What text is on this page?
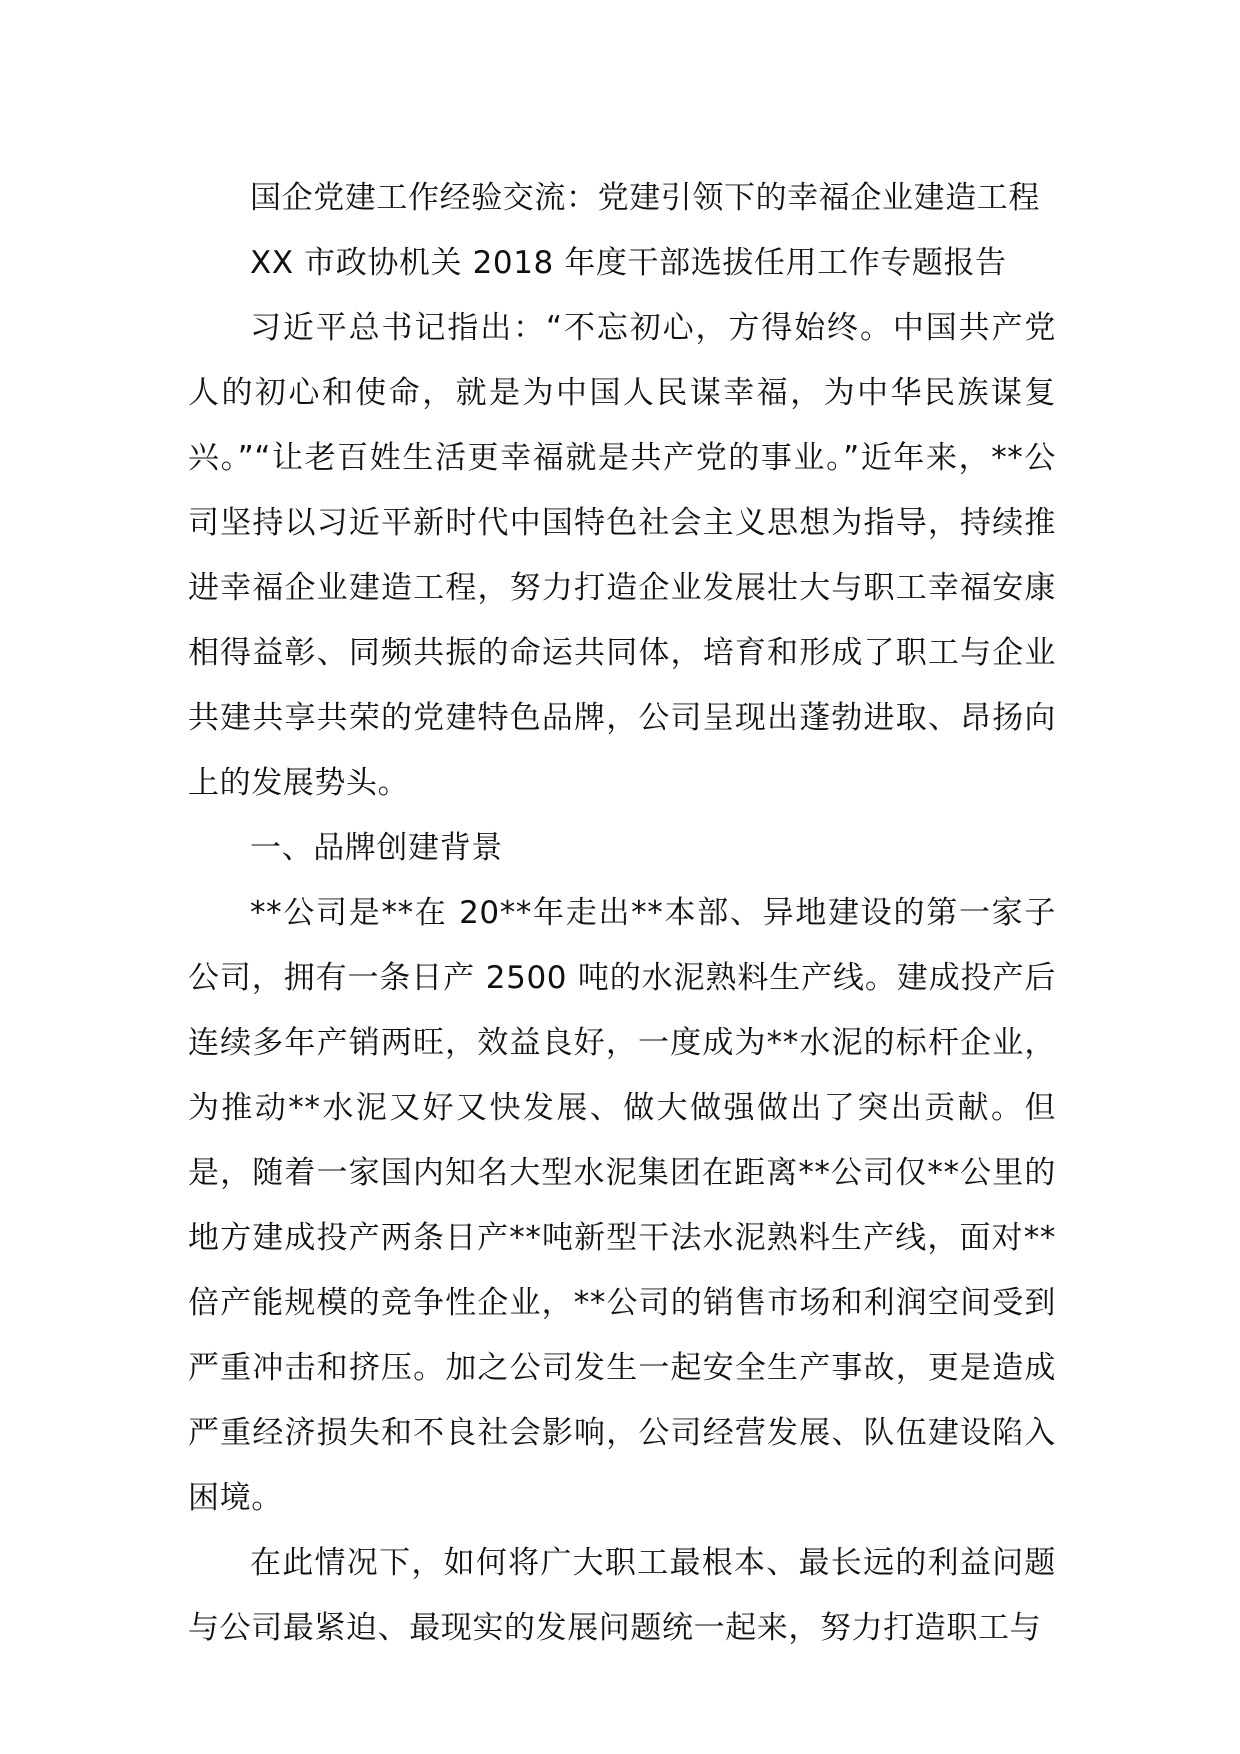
国企党建工作经验交流：党建引领下的幸福企业建造工程

XX 市政协机关 2018 年度干部选拔任用工作专题报告

习近平总书记指出：“不忘初心，方得始终。中国共产党人的初心和使命，就是为中国人民谋幸福，为中华民族谋复兴。”“让老百姓生活更幸福就是共产党的事业。”近年来，**公司坚持以习近平新时代中国特色社会主义思想为指导，持续推进幸福企业建造工程，努力打造企业发展壮大与职工幸福安康相得益彰、同频共振的命运共同体，培育和形成了职工与企业共建共享共荣的党建特色品牌，公司呈现出蓬勃进取、昂扬向上的发展势头。

一、品牌创建背景

**公司是**在 20**年走出**本部、异地建设的第一家子公司，拥有一条日产 2500 吨的水泥熟料生产线。建成投产后连续多年产销两旺，效益良好，一度成为**水泥的标杆企业，为推动**水泥又好又快发展、做大做强做出了突出贡献。但是，随着一家国内知名大型水泥集团在距离**公司仅**公里的地方建成投产两条日产**吨新型干法水泥熟料生产线，面对**倍产能规模的竞争性企业，**公司的销售市场和利润空间受到严重冲击和挤压。加之公司发生一起安全生产事故，更是造成严重经济损失和不良社会影响，公司经营发展、队伍建设陷入困境。

在此情况下，如何将广大职工最根本、最长远的利益问题与公司最紧迫、最现实的发展问题统一起来，努力打造职工与
